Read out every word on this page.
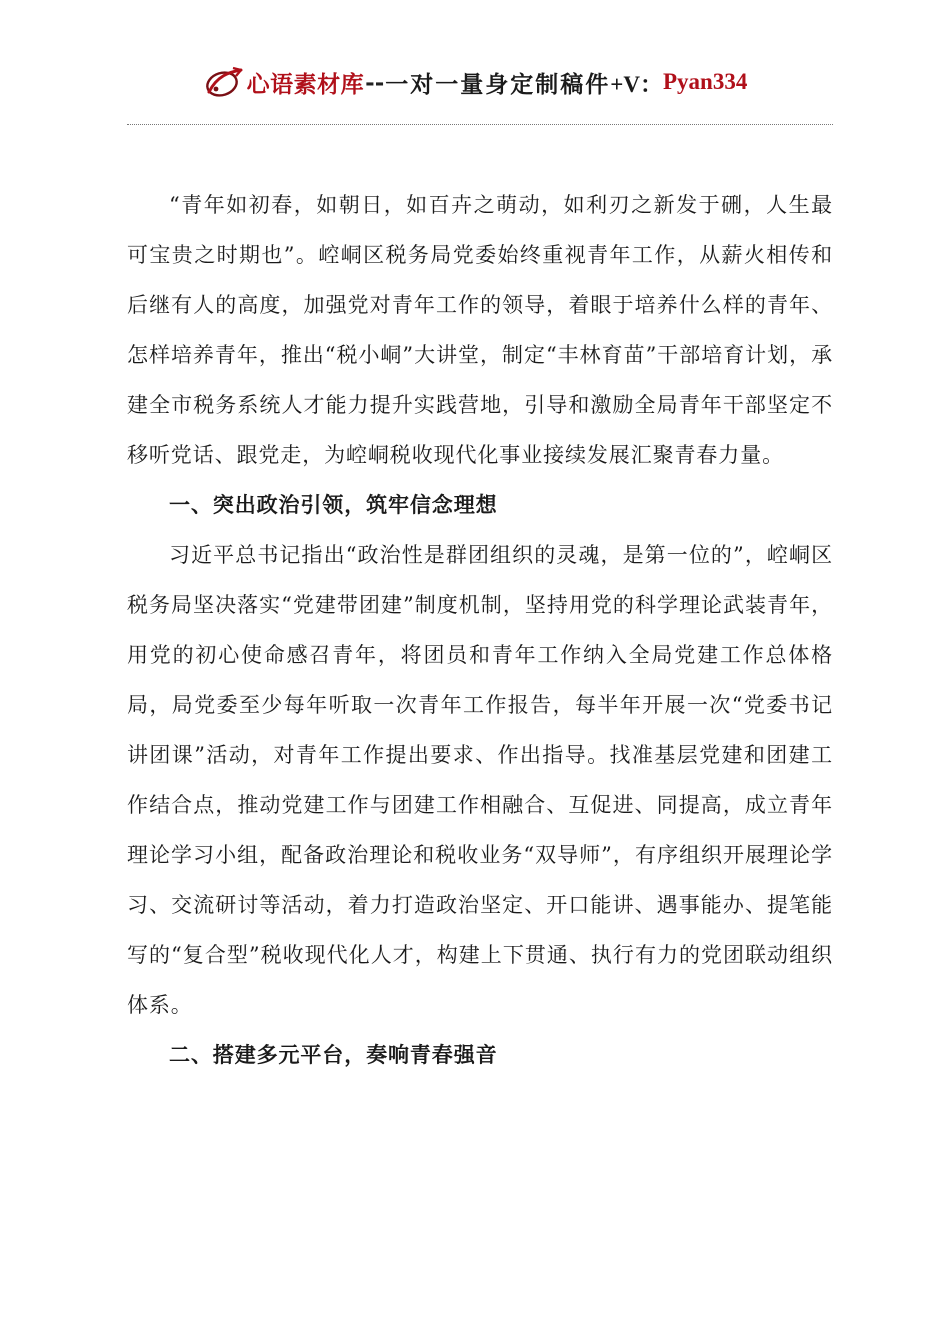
心语素材库 -- 一对一量身定制稿件 +V： Pyan334

“青年如初春，如朝日，如百卉之萌动，如利刃之新发于硎，人生最可宝贵之时期也”。崆峒区税务局党委始终重视青年工作，从薪火相传和后继有人的高度，加强党对青年工作的领导，着眼于培养什么样的青年、怎样培养青年，推出“税小峒”大讲堂，制定“丰林育苗”干部培育计划，承建全市税务系统人才能力提升实践营地，引导和激励全局青年干部坚定不移听党话、跟党走，为崆峒税收现代化事业接续发展汇聚青春力量。

一、突出政治引领，筑牢信念理想

习近平总书记指出“政治性是群团组织的灵魂，是第一位的”，崆峒区税务局坚决落实“党建带团建”制度机制，坚持用党的科学理论武装青年，用党的初心使命感召青年，将团员和青年工作纳入全局党建工作总体格局，局党委至少每年听取一次青年工作报告，每半年开展一次“党委书记讲团课”活动，对青年工作提出要求、作出指导。找准基层党建和团建工作结合点，推动党建工作与团建工作相融合、互促进、同提高，成立青年理论学习小组，配备政治理论和税收业务“双导师”，有序组织开展理论学习、交流研讨等活动，着力打造政治坚定、开口能讲、遇事能办、提笔能写的“复合型”税收现代化人才，构建上下贯通、执行有力的党团联动组织体系。

二、搭建多元平台，奏响青春强音
